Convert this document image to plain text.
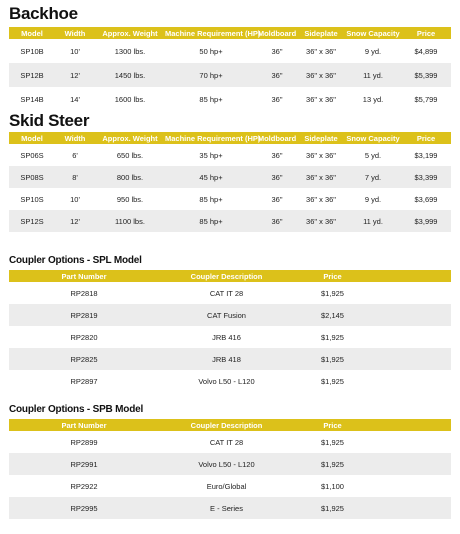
Backhoe
Model	Width	Approx. Weight	Machine Requirement (HP)	Moldboard	Sideplate	Snow Capacity	Price
SP10B	10'	1300 lbs.	50 hp+	36"	36" x 36"	9 yd.	$4,899
SP12B	12'	1450 lbs.	70 hp+	36"	36" x 36"	11 yd.	$5,399
SP14B	14'	1600 lbs.	85 hp+	36"	36" x 36"	13 yd.	$5,799
Skid Steer
Model	Width	Approx. Weight	Machine Requirement (HP)	Moldboard	Sideplate	Snow Capacity	Price
SP06S	6'	650 lbs.	35 hp+	36"	36" x 36"	5 yd.	$3,199
SP08S	8'	800 lbs.	45 hp+	36"	36" x 36"	7 yd.	$3,399
SP10S	10'	950 lbs.	85 hp+	36"	36" x 36"	9 yd.	$3,699
SP12S	12'	1100 lbs.	85 hp+	36"	36" x 36"	11 yd.	$3,999
Coupler Options - SPL Model
Part Number	Coupler Description	Price	
RP2818	CAT IT 28	$1,925	
RP2819	CAT Fusion	$2,145	
RP2820	JRB 416	$1,925	
RP2825	JRB 418	$1,925	
RP2897	Volvo L50 - L120	$1,925	
Coupler Options - SPB Model
Part Number	Coupler Description	Price	
RP2899	CAT IT 28	$1,925	
RP2991	Volvo L50 - L120	$1,925	
RP2922	Euro/Global	$1,100	
RP2995	E - Series	$1,925	
